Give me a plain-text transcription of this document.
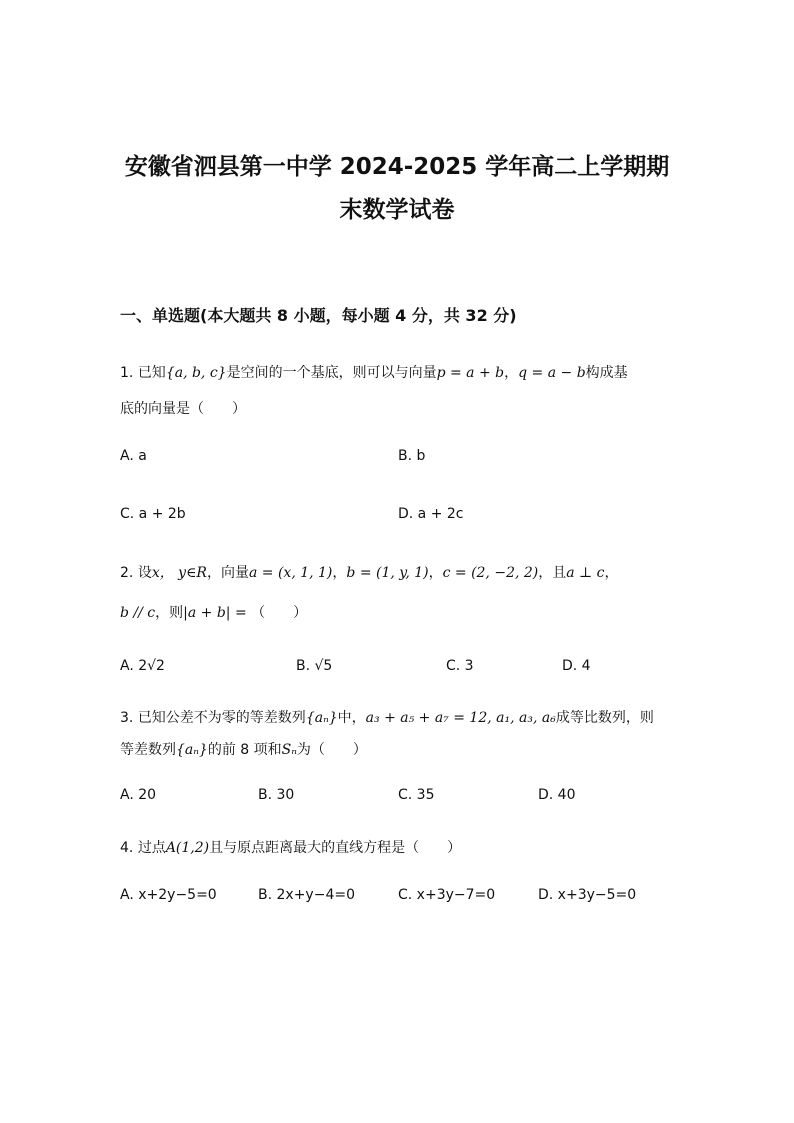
安徽省泗县第一中学 2024-2025 学年高二上学期期
末数学试卷
一、单选题(本大题共 8 小题，每小题 4 分，共 32 分)
1. 已知{a, b, c}是空间的一个基底，则可以与向量p = a + b，q = a − b构成基
底的向量是（　　）
A. a	B. b
C. a + 2b	D. a + 2c
2. 设x， y∈R，向量a = (x, 1, 1)，b = (1, y, 1)，c = (2, −2, 2)，且a ⊥ c，
b // c，则|a + b| = （　　）
A. 2√2	B. √5	C. 3	D. 4
3. 已知公差不为零的等差数列{aₙ}中，a₃ + a₅ + a₇ = 12, a₁, a₃, a₆成等比数列，则
等差数列{aₙ}的前 8 项和Sₙ为（　　）
A. 20	B. 30	C. 35	D. 40
4. 过点A(1,2)且与原点距离最大的直线方程是（　　）
A. x+2y−5=0	B. 2x+y−4=0	C. x+3y−7=0	D. x+3y−5=0
